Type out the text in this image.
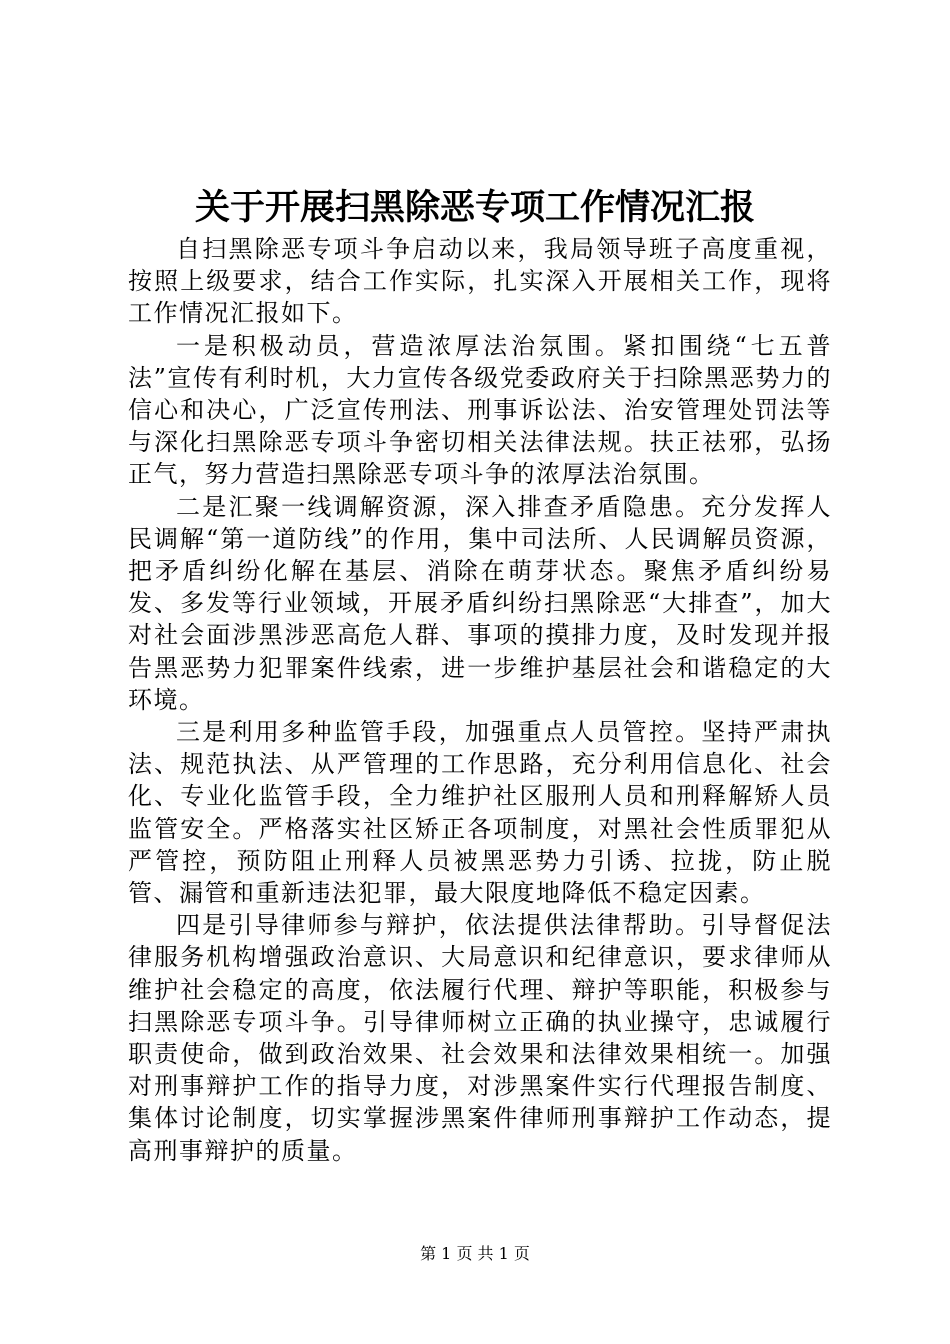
关于开展扫黑除恶专项工作情况汇报

自扫黑除恶专项斗争启动以来，我局领导班子高度重视，按照上级要求，结合工作实际，扎实深入开展相关工作，现将工作情况汇报如下。

一是积极动员，营造浓厚法治氛围。紧扣围绕“七五普法”宣传有利时机，大力宣传各级党委政府关于扫除黑恶势力的信心和决心，广泛宣传刑法、刑事诉讼法、治安管理处罚法等与深化扫黑除恶专项斗争密切相关法律法规。扶正祛邪，弘扬正气，努力营造扫黑除恶专项斗争的浓厚法治氛围。

二是汇聚一线调解资源，深入排查矛盾隐患。充分发挥人民调解“第一道防线”的作用，集中司法所、人民调解员资源，把矛盾纠纷化解在基层、消除在萌芽状态。聚焦矛盾纠纷易发、多发等行业领域，开展矛盾纠纷扫黑除恶“大排查”，加大对社会面涉黑涉恶高危人群、事项的摸排力度，及时发现并报告黑恶势力犯罪案件线索，进一步维护基层社会和谐稳定的大环境。

三是利用多种监管手段，加强重点人员管控。坚持严肃执法、规范执法、从严管理的工作思路，充分利用信息化、社会化、专业化监管手段，全力维护社区服刑人员和刑释解矫人员监管安全。严格落实社区矫正各项制度，对黑社会性质罪犯从严管控，预防阻止刑释人员被黑恶势力引诱、拉拢，防止脱管、漏管和重新违法犯罪，最大限度地降低不稳定因素。

四是引导律师参与辩护，依法提供法律帮助。引导督促法律服务机构增强政治意识、大局意识和纪律意识，要求律师从维护社会稳定的高度，依法履行代理、辩护等职能，积极参与扫黑除恶专项斗争。引导律师树立正确的执业操守，忠诚履行职责使命，做到政治效果、社会效果和法律效果相统一。加强对刑事辩护工作的指导力度，对涉黑案件实行代理报告制度、集体讨论制度，切实掌握涉黑案件律师刑事辩护工作动态，提高刑事辩护的质量。

第 1 页 共 1 页
